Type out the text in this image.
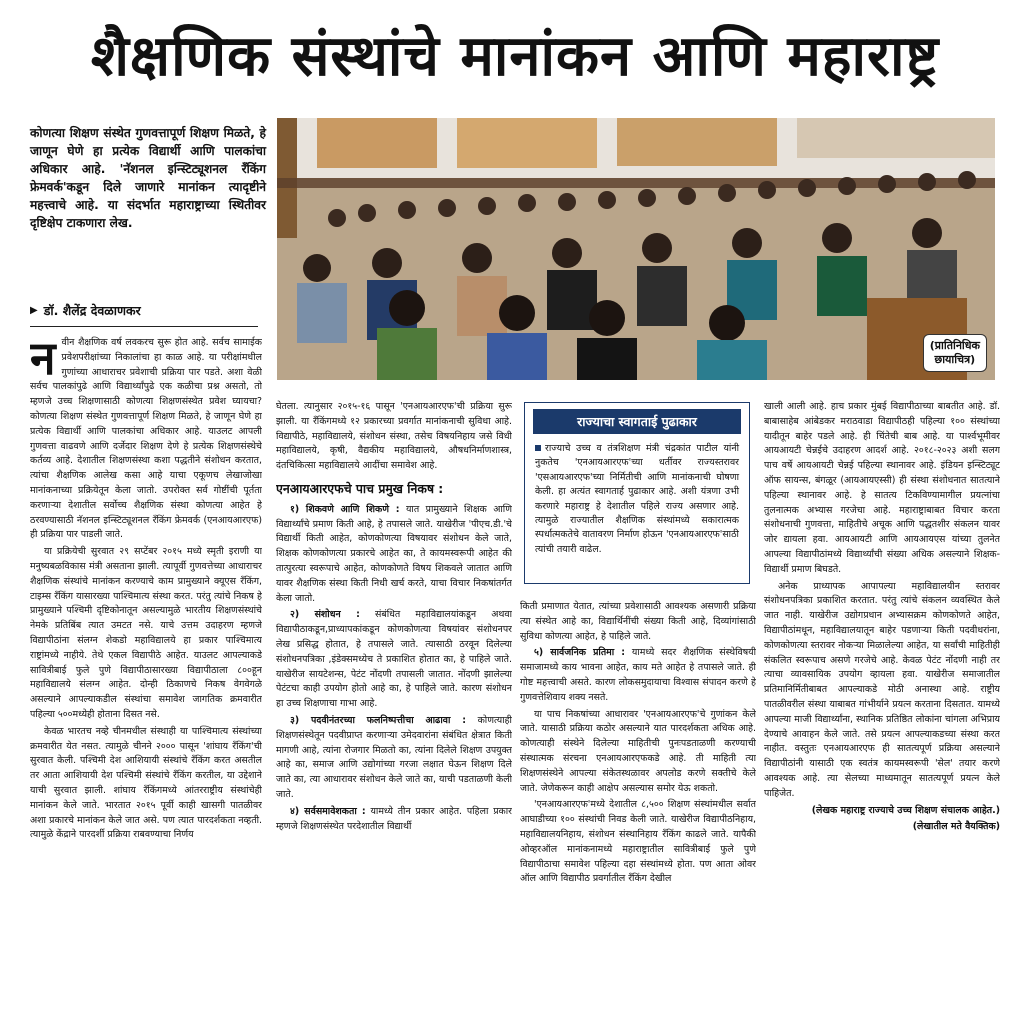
शैक्षणिक संस्थांचे मानांकन आणि महाराष्ट्र
(प्रातिनिधिक
छायाचित्र)
कोणत्या शिक्षण संस्थेत गुणवत्तापूर्ण शिक्षण मिळते, हे जाणून घेणे हा प्रत्येक विद्यार्थी आणि पालकांचा अधिकार आहे. 'नॅशनल इन्स्टिट्यूशनल रँकिंग फ्रेमवर्क'कडून दिले जाणारे मानांकन त्यादृष्टीने महत्त्वाचे आहे. या संदर्भात महाराष्ट्राच्या स्थितीवर दृष्टिक्षेप टाकणारा लेख.
▶ डॉ. शैलेंद्र देवळाणकर

नवीन शैक्षणिक वर्ष लवकरच सुरू होत आहे. सर्वच सामाईक प्रवेशपरीक्षांच्या निकालांचा हा काळ आहे. या परीक्षांमधील गुणांच्या आधाराचर प्रवेशाची प्रक्रिया पार पडते. अशा वेळी सर्वच पालकांपुढे आणि विद्यार्थ्यांपुढे एक कळीचा प्रश्न असतो, तो म्हणजे उच्च शिक्षणासाठी कोणत्या शिक्षणसंस्थेत प्रवेश घ्यायचा? कोणत्या शिक्षण संस्थेत गुणवत्तापूर्ण शिक्षण मिळते, हे जाणून घेणे हा प्रत्येक विद्यार्थी आणि पालकांचा अधिकार आहे. याउलट आपली गुणवत्ता वाढवणे आणि दर्जेदार शिक्षण देणे हे प्रत्येक शिक्षणसंस्थेचे कर्तव्य आहे. देशातील शिक्षणसंस्था कशा पद्धतीने संशोधन करतात, त्यांचा शैक्षणिक आलेख कसा आहे याचा एकूणच लेखाजोखा मानांकनाच्या प्रक्रियेतून केला जातो. उपरोक्त सर्व गोष्टींची पूर्तता करणाऱ्या देशातील सर्वोच्च शैक्षणिक संस्था कोणत्या आहेत हे ठरवण्यासाठी नॅशनल इन्स्टिट्यूशनल रँकिंग फ्रेमवर्क (एनआयआरएफ) ही प्रक्रिया पार पाडली जाते.

या प्रक्रियेची सुरवात २९ सप्टेंबर २०१५ मध्ये स्मृती इराणी या मनुष्यबळविकास मंत्री असताना झाली. त्यापूर्वी गुणवत्तेच्या आधाराचर शैक्षणिक संस्थांचे मानांकन करण्याचे काम प्रामुख्याने क्यूएस रँकिंग, टाइम्स रँकिंग यासारख्या पाश्चिमात्य संस्था करत. परंतु त्यांचे निकष हे प्रामुख्याने पश्चिमी दृष्टिकोनातून असल्यामुळे भारतीय शिक्षणसंस्थांचे नेमके प्रतिबिंब त्यात उमटत नसे. याचे उत्तम उदाहरण म्हणजे विद्यापीठांना संलग्न शेकडो महाविद्यालये हा प्रकार पाश्चिमात्य राष्ट्रांमध्ये नाहीये. तेथे एकल विद्यापीठे आहेत. याउलट आपल्याकडे सावित्रीबाई फुले पुणे विद्यापीठासारख्या विद्यापीठाला ८००हून महाविद्यालये संलग्न आहेत. दोन्ही ठिकाणचे निकष वेगवेगळे असल्याने आपल्याकडील संस्थांचा समावेश जागतिक क्रमवारीत पहिल्या ५००मध्येही होताना दिसत नसे.

केवळ भारतच नव्हे चीनमधील संस्थाही या पाश्चिमात्य संस्थांच्या क्रमवारीत येत नसत. त्यामुळे चीनने २००० पासून 'शांघाय रँकिंग'ची सुरवात केली. पश्चिमी देश आशियायी संस्थांचे रँकिंग करत असतील तर आता आशियायी देश पश्चिमी संस्थांचे रँकिंग करतील, या उद्देशाने याची सुरवात झाली. शांघाय रँकिंगमध्ये आंतरराष्ट्रीय संस्थांचेही मानांकन केले जाते. भारतात २०१५ पूर्वी काही खासगी पातळीवर अशा प्रकारचे मानांकन केले जात असे. पण त्यात पारदर्शकता नव्हती. त्यामुळे केंद्राने पारदर्शी प्रक्रिया राबवण्याचा निर्णय

घेतला. त्यानुसार २०१५-१६ पासून 'एनआयआरएफ'ची प्रक्रिया सुरू झाली. या रँकिंगमध्ये १२ प्रकारच्या प्रवर्गात मानांकनाची सुविधा आहे. विद्यापीठे, महाविद्यालये, संशोधन संस्था, तसेच विषयनिहाय जसे विधी महाविद्यालये, कृषी, वैद्यकीय महाविद्यालये, औषधनिर्माणशास्त्र, दंतचिकित्सा महाविद्यालये आदींचा समावेश आहे.

एनआयआरएफचे पाच प्रमुख निकष :

१) शिकवणे आणि शिकणे : यात प्रामुख्याने शिक्षक आणि विद्यार्थ्यांचे प्रमाण किती आहे, हे तपासले जाते. याखेरीज 'पीएच.डी.'चे विद्यार्थी किती आहेत, कोणकोणत्या विषयावर संशोधन केले जाते, शिक्षक कोणकोणत्या प्रकारचे आहेत का, ते कायमस्वरूपी आहेत की तात्पुरत्या स्वरूपाचे आहेत, कोणकोणते विषय शिकवले जातात आणि यावर शैक्षणिक संस्था किती निधी खर्च करते, याचा विचार निकषांतर्गत केला जातो.

२) संशोधन : संबंधित महाविद्यालयांकडून अथवा विद्यापीठाकडून,प्राध्यापकांकडून कोणकोणत्या विषयांवर संशोधनपर लेख प्रसिद्ध होतात, हे तपासले जाते. त्यासाठी ठरवून दिलेल्या संशोधनपत्रिका ,इंडेक्समध्येच ते प्रकाशित होतात का, हे पाहिले जाते. याखेरीज सायटेशन्स, पेटंट नोंदणी तपासली जातात. नोंदणी झालेल्या पेटंटचा काही उपयोग होतो आहे का, हे पाहिले जाते. कारण संशोधन हा उच्च शिक्षणाचा गाभा आहे.

३) पदवीनंतरच्या फलनिष्पत्तीचा आढावा : कोणत्याही शिक्षणसंस्थेतून पदवीप्राप्त करणाऱ्या उमेदवारांना संबंधित क्षेत्रात किती मागणी आहे, त्यांना रोजगार मिळतो का, त्यांना दिलेले शिक्षण उपयुक्त आहे का, समाज आणि उद्योगांच्या गरजा लक्षात घेऊन शिक्षण दिले जाते का, त्या आधारावर संशोधन केले जाते का, याची पडताळणी केली जाते.

४) सर्वसमावेशकता : यामध्ये तीन प्रकार आहेत. पहिला प्रकार म्हणजे शिक्षणसंस्थेत परदेशातील विद्यार्थी

राज्याचा स्वागताई पुढाकार
राज्याचे उच्च व तंत्रशिक्षण मंत्री चंद्रकांत पाटील यांनी नुकतेच 'एनआयआरएफ'च्या धर्तीवर राज्यस्तरावर 'एसआयआरएफ'च्या निर्मितीची आणि मानांकनाची घोषणा केली. हा अत्यंत स्वागतार्ह पुढाकार आहे. अशी यंत्रणा उभी करणारे महाराष्ट्र हे देशातील पहिले राज्य असणार आहे. त्यामुळे राज्यातील शैक्षणिक संस्थांमध्ये सकारात्मक स्पर्धात्मकतेचे वातावरण निर्माण होऊन 'एनआयआरएफ'साठी त्यांची तयारी वाढेल.

किती प्रमाणात येतात, त्यांच्या प्रवेशासाठी आवश्यक असणारी प्रक्रिया त्या संस्थेत आहे का, विद्यार्थिनींची संख्या किती आहे, दिव्यांगांसाठी सुविधा कोणत्या आहेत, हे पाहिले जाते.

५) सार्वजनिक प्रतिमा : यामध्ये सदर शैक्षणिक संस्थेविषयी समाजामध्ये काय भावना आहेत, काय मते आहेत हे तपासले जाते. ही गोष्ट महत्त्वाची असते. कारण लोकसमुदायाचा विश्वास संपादन करणे हे गुणवत्तेशिवाय शक्य नसते.

या पाच निकषांच्या आधारावर 'एनआयआरएफ'चे गुणांकन केले जाते. यासाठी प्रक्रिया कठोर असल्याने यात पारदर्शकता अधिक आहे. कोणत्याही संस्थेने दिलेल्या माहितीची पुनःपडताळणी करण्याची संस्थात्मक संरचना एनआयआरएफकडे आहे. ती माहिती त्या शिक्षणसंस्थेने आपल्या संकेतस्थळावर अपलोड करणे सक्तीचे केले जाते. जेणेकरून काही आक्षेप असल्यास समोर येऊ शकतो.

'एनआयआरएफ'मध्ये देशातील ८,५०० शिक्षण संस्थांमधील सर्वात आघाडीच्या १०० संस्थांची निवड केली जाते. याखेरीज विद्यापीठनिहाय, महाविद्यालयनिहाय, संशोधन संस्थानिहाय रँकिंग काढले जाते. यापैकी ओव्हरऑल मानांकनामध्ये महाराष्ट्रातील सावित्रीबाई फुले पुणे विद्यापीठाचा समावेश पहिल्या दहा संस्थांमध्ये होता. पण आता ओवर ऑल आणि विद्यापीठ प्रवर्गातील रँकिंग देखील

खाली आली आहे. हाच प्रकार मुंबई विद्यापीठाच्या बाबतीत आहे. डॉ. बाबासाहेब आंबेडकर मराठवाडा विद्यापीठही पहिल्या १०० संस्थांच्या यादीतून बाहेर पडले आहे. ही चिंतेची बाब आहे. या पार्श्वभूमीवर आयआयटी चेन्नईचे उदाहरण आदर्श आहे. २०१८-२०२३ अशी सलग पाच वर्षे आयआयटी चेन्नई पहिल्या स्थानावर आहे. इंडियन इन्स्टिट्यूट ऑफ सायन्स, बंगळूर (आयआयएस्सी) ही संस्था संशोधनात सातत्याने पहिल्या स्थानावर आहे. हे सातत्य टिकविण्यामागील प्रयत्नांचा तुलनात्मक अभ्यास गरजेचा आहे. महाराष्ट्राबाबत विचार करता संशोधनाची गुणवत्ता, माहितीचे अचूक आणि पद्धतशीर संकलन यावर जोर द्यायला हवा. आयआयटी आणि आयआयएस यांच्या तुलनेत आपल्या विद्यापीठांमध्ये विद्यार्थ्यांची संख्या अधिक असल्याने शिक्षक-विद्यार्थी प्रमाण बिघडते.

अनेक प्राध्यापक आपापल्या महाविद्यालयीन स्तरावर संशोधनपत्रिका प्रकाशित करतात. परंतु त्यांचे संकलन व्यवस्थित केले जात नाही. याखेरीज उद्योगप्रधान अभ्यासक्रम कोणकोणते आहेत, विद्यापीठांमधून, महाविद्यालयातून बाहेर पडणाऱ्या किती पदवीधरांना, कोणकोणत्या स्तरावर नोकऱ्या मिळालेल्या आहेत, या सर्वांची माहितीही संकलित स्वरूपाच असणे गरजेचे आहे. केवळ पेटंट नोंदणी नाही तर त्याचा व्यावसायिक उपयोग व्हायला हवा. याखेरीज समाजातील प्रतिमानिर्मितीबाबत आपल्याकडे मोठी अनास्था आहे. राष्ट्रीय पातळीवरील संस्था याबाबत गांभीर्याने प्रयत्न करताना दिसतात. यामध्ये आपल्या माजी विद्यार्थ्यांना, स्थानिक प्रतिष्ठित लोकांना चांगला अभिप्राय देण्याचे आवाहन केले जाते. तसे प्रयत्न आपल्याकडच्या संस्था करत नाहीत. वस्तुतः एनआयआरएफ ही सातत्यपूर्ण प्रक्रिया असल्याने विद्यापीठांनी यासाठी एक स्वतंत्र कायमस्वरूपी 'सेल' तयार करणे आवश्यक आहे. त्या सेलच्या माध्यमातून सातत्यपूर्ण प्रयत्न केले पाहिजेत.

(लेखक महाराष्ट्र राज्याचे उच्च शिक्षण संचालक आहेत.)

(लेखातील मते वैयक्तिक)
